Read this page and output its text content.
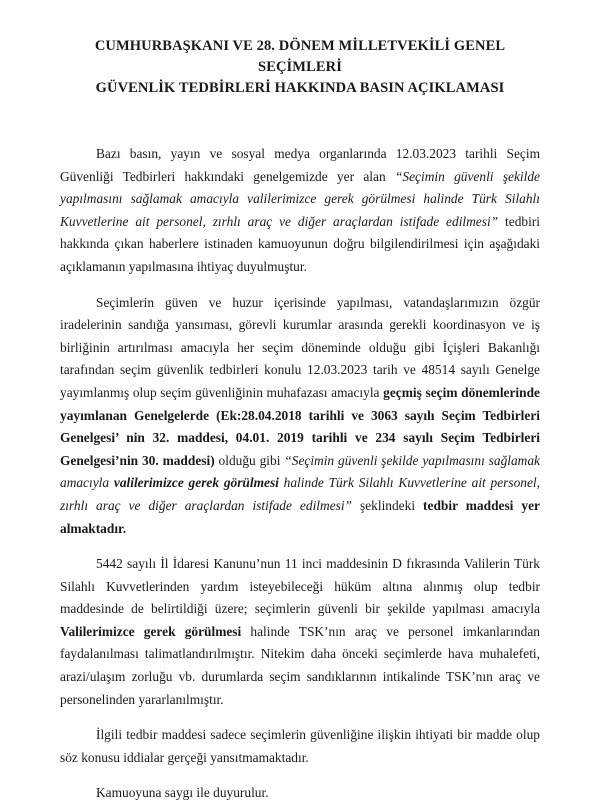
CUMHURBAŞKANI VE 28. DÖNEM MİLLETVEKİLİ GENEL SEÇİMLERİ
GÜVENLİK TEDBİRLERİ HAKKINDA BASIN AÇIKLAMASI

Bazı basın, yayın ve sosyal medya organlarında 12.03.2023 tarihli Seçim Güvenliği Tedbirleri hakkındaki genelgemizde yer alan “Seçimin güvenli şekilde yapılmasını sağlamak amacıyla valilerimizce gerek görülmesi halinde Türk Silahlı Kuvvetlerine ait personel, zırhlı araç ve diğer araçlardan istifade edilmesi” tedbiri hakkında çıkan haberlere istinaden kamuoyunun doğru bilgilendirilmesi için aşağıdaki açıklamanın yapılmasına ihtiyaç duyulmuştur.

Seçimlerin güven ve huzur içerisinde yapılması, vatandaşlarımızın özgür iradelerinin sandığa yansıması, görevli kurumlar arasında gerekli koordinasyon ve iş birliğinin artırılması amacıyla her seçim döneminde olduğu gibi İçişleri Bakanlığı tarafından seçim güvenlik tedbirleri konulu 12.03.2023 tarih ve 48514 sayılı Genelge yayımlanmış olup seçim güvenliğinin muhafazası amacıyla geçmiş seçim dönemlerinde yayımlanan Genelgelerde (Ek:28.04.2018 tarihli ve 3063 sayılı Seçim Tedbirleri Genelgesi’ nin 32. maddesi, 04.01. 2019 tarihli ve 234 sayılı Seçim Tedbirleri Genelgesi’nin 30. maddesi) olduğu gibi “Seçimin güvenli şekilde yapılmasını sağlamak amacıyla valilerimizce gerek görülmesi halinde Türk Silahlı Kuvvetlerine ait personel, zırhlı araç ve diğer araçlardan istifade edilmesi” şeklindeki tedbir maddesi yer almaktadır.

5442 sayılı İl İdaresi Kanunu’nun 11 inci maddesinin D fıkrasında Valilerin Türk Silahlı Kuvvetlerinden yardım isteyebileceği hüküm altına alınmış olup tedbir maddesinde de belirtildiği üzere; seçimlerin güvenli bir şekilde yapılması amacıyla Valilerimizce gerek görülmesi halinde TSK’nın araç ve personel imkanlarından faydalanılması talimatlandırılmıştır. Nitekim daha önceki seçimlerde hava muhalefeti, arazi/ulaşım zorluğu vb. durumlarda seçim sandıklarının intikalinde TSK’nın araç ve personelinden yararlanılmıştır.

İlgili tedbir maddesi sadece seçimlerin güvenliğine ilişkin ihtiyati bir madde olup söz konusu iddialar gerçeği yansıtmamaktadır.

Kamuoyuna saygı ile duyurulur.
